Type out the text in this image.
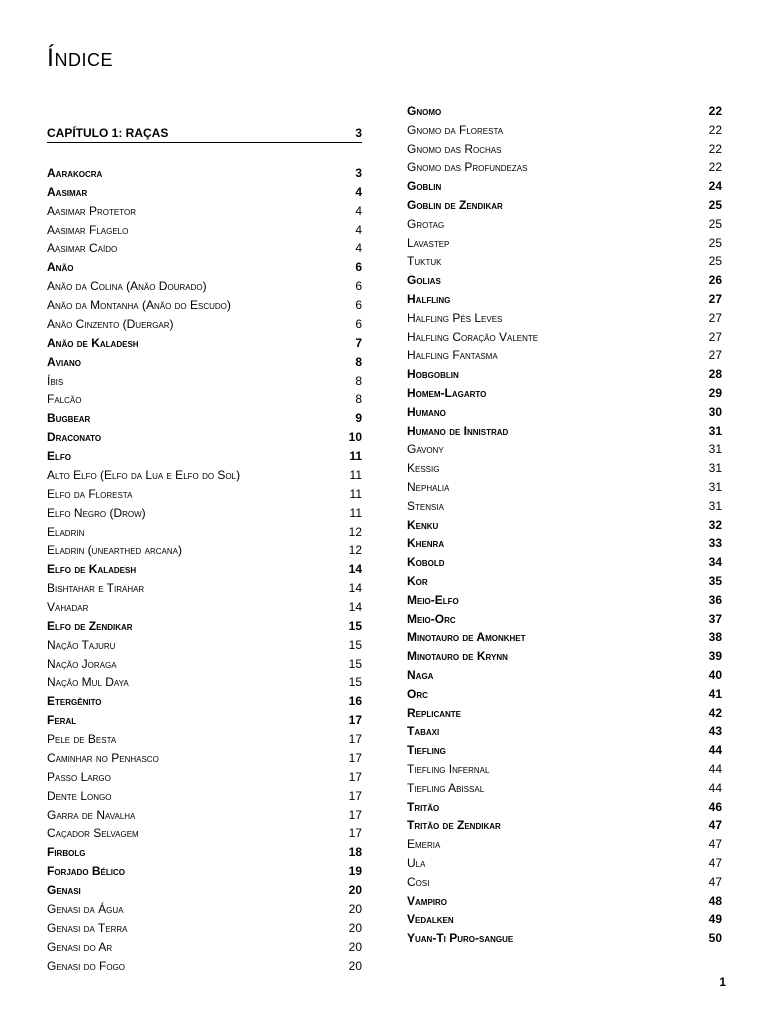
Índice
CAPÍTULO 1: RAÇAS	3
Aarakocra	3
Aasimar	4
Aasimar Protetor	4
Aasimar Flagelo	4
Aasimar Caído	4
Anão	6
Anão da Colina (Anão Dourado)	6
Anão da Montanha (Anão do Escudo)	6
Anão Cinzento (Duergar)	6
Anão de Kaladesh	7
Aviano	8
Íbis	8
Falcão	8
Bugbear	9
Draconato	10
Elfo	11
Alto Elfo (Elfo da Lua e Elfo do Sol)	11
Elfo da Floresta	11
Elfo Negro (Drow)	11
Eladrin	12
Eladrin (unearthed arcana)	12
Elfo de Kaladesh	14
Bishtahar e Tirahar	14
Vahadar	14
Elfo de Zendikar	15
Nação Tajuru	15
Nação Joraga	15
Nação Mul Daya	15
Etergênito	16
Feral	17
Pele de Besta	17
Caminhar no Penhasco	17
Passo Largo	17
Dente Longo	17
Garra de Navalha	17
Caçador Selvagem	17
Firbolg	18
Forjado Bélico	19
Genasi	20
Genasi da Água	20
Genasi da Terra	20
Genasi do Ar	20
Genasi do Fogo	20
Gnomo	22
Gnomo da Floresta	22
Gnomo das Rochas	22
Gnomo das Profundezas	22
Goblin	24
Goblin de Zendikar	25
Grotag	25
Lavastep	25
Tuktuk	25
Golias	26
Halfling	27
Halfling Pés Leves	27
Halfling Coração Valente	27
Halfling Fantasma	27
Hobgoblin	28
Homem-Lagarto	29
Humano	30
Humano de Innistrad	31
Gavony	31
Kessig	31
Nephalia	31
Stensia	31
Kenku	32
Khenra	33
Kobold	34
Kor	35
Meio-Elfo	36
Meio-Orc	37
Minotauro de Amonkhet	38
Minotauro de Krynn	39
Naga	40
Orc	41
Replicante	42
Tabaxi	43
Tiefling	44
Tiefling Infernal	44
Tiefling Abissal	44
Tritão	46
Tritão de Zendikar	47
Emeria	47
Ula	47
Cosi	47
Vampiro	48
Vedalken	49
Yuan-Ti Puro-sangue	50
1
